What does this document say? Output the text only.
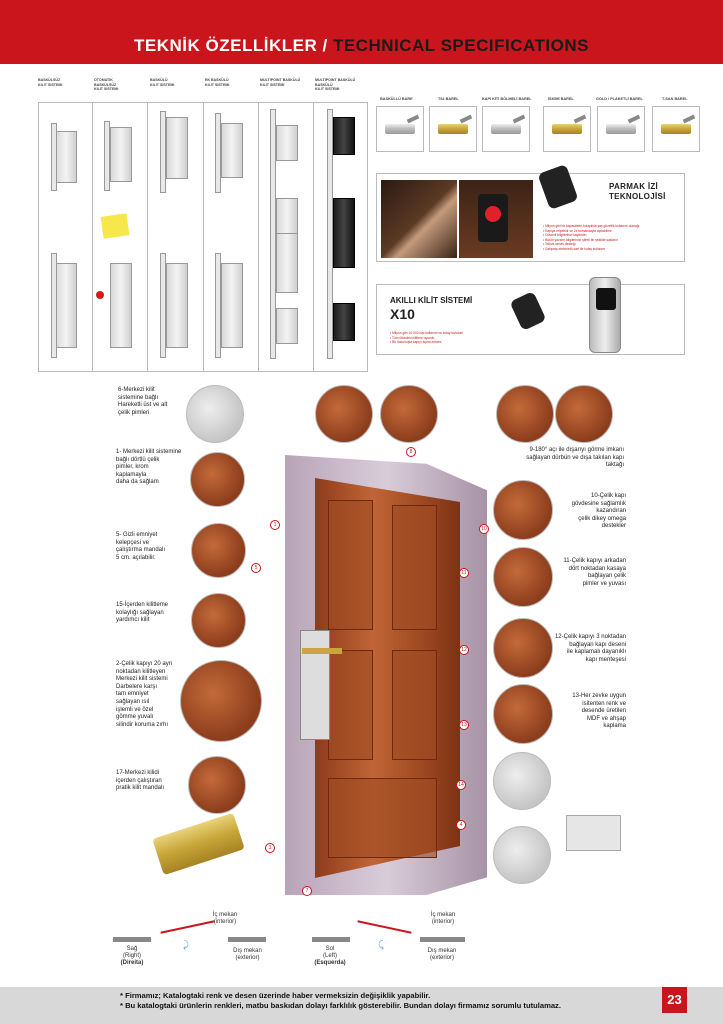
TEKNİK ÖZELLİKLER / TECHNICAL SPECIFICATIONS
BASKÜLSÜZ
KILIT SISTEMI
OTOMATIK
BASKÜLSÜZ
KILIT SISTEMI
BASKÜLÜ
KILIT SISTEMI
EK BASKÜLÜ
KILIT SISTEMI
MULTIPOINT BASKÜLÜ
KILIT SISTEMI
MULTIPOINT BASKÜLÜ
BASKÜLÜ
KILIT SISTEMI
BASKÜLLÜ BARE	T64 BAREL	KAPI KİTİ BÖLMELİ BAREL	İSKİMİ BAREL	GOLD / PLAKETLİ BAREL	T-SAN BAREL
PARMAK İZİ
TEKNOLOJİSİ
• Milyon gibi bir kapasitede kolaylıkla yaş güzellik kullanım olanağı
• Kapıya erişebilir ve 2x kumandayla açılabilme
• Güvenli bilgilerinizi kaydedin
• Bütün yazılım bilgilerinizi şifreli bir şekilde saklanır
• Teknik servis desteği
• Gelişmiş elektronik kart ile kolay kullanım
AKILLI KİLİT SİSTEMİ
X10
• Milyon gibi 10.000 kişi kullanım ve kolay kurulum
• Tüm ülkedeki kilitlere uyumlu
• Bir dokunuşla kapıyı açma imkanı
6-Merkezi kilit
sistemine bağlı
Hareketli üst ve alt
çelik pimleri
1- Merkezi kilit sistemine
bağlı dörtlü çelik
pimler, krom
kaplamayla
daha da sağlam
5- Gizli emniyet
kelepçesi ve
çalıştırma mandalı
5 cm. açılabilir.
15-İçerden kilitleme
kolaylığı sağlayan
yardımcı kilit
2-Çelik kapıyı 20 ayrı
noktadan kilitleyen
Merkezi kilit sistemi
Darbelere karşı
tam emniyet
sağlayan ısıl
işlemli ve özel
gömme yuvalı
silindir koruma zırhı
17-Merkezi kilidi
içerden çalıştıran
pratik kilit mandalı
9-180° açı ile dışarıyı görme imkanı
sağlayan dürbün ve dışa takılan kapı
taktağı
10-Çelik kapı
gövdesine sağlamlık
kazandıran
çelik dikey omega
destekler
11-Çelik kapıyı arkadan
dört noktadan kasaya
bağlayan çelik
pimler ve yuvası
12-Çelik kapıyı 3 noktadan
bağlayan kapı deseni
ile kaplamalı dayanıklı
kapı menteşesi
13-Her zevke uygun
isitenten renk ve
desende üretilen
MDF ve ahşap
kaplama
1
5
10
11
12
13
8
3
7
14
4
⤸
Sağ
(Right)
(Direita)
İç mekan
(interior)
Dış mekan
(exterior)
⤹
Sol
(Left)
(Esquerda)
İç mekan
(interior)
Dış mekan
(exterior)
* Firmamız; Katalogtaki renk ve desen üzerinde haber vermeksizin değişiklik yapabilir.
* Bu katalogtaki ürünlerin renkleri, matbu baskıdan dolayı farklılık gösterebilir. Bundan dolayı firmamız sorumlu tutulamaz.	23
